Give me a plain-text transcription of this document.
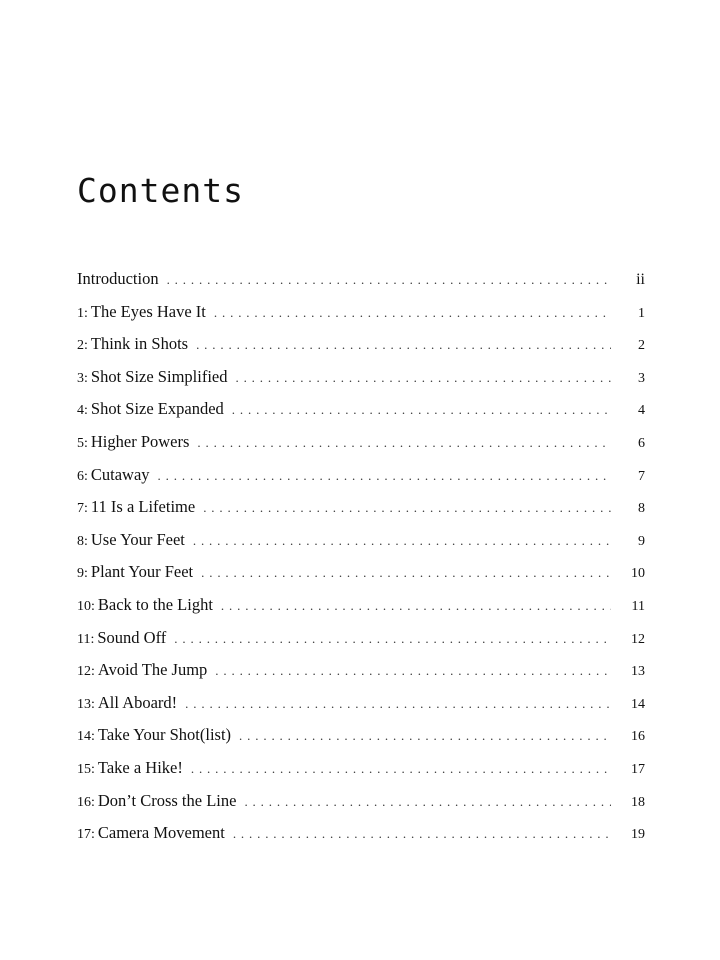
Contents
Introduction . . .	ii
1: The Eyes Have It . . .	1
2: Think in Shots . . .	2
3: Shot Size Simplified . . .	3
4: Shot Size Expanded . . .	4
5: Higher Powers . . .	6
6: Cutaway . . .	7
7: 11 Is a Lifetime . . .	8
8: Use Your Feet . . .	9
9: Plant Your Feet . . .	10
10: Back to the Light . . .	11
11: Sound Off . . .	12
12: Avoid The Jump . . .	13
13: All Aboard! . . .	14
14: Take Your Shot(list) . . .	16
15: Take a Hike! . . .	17
16: Don’t Cross the Line . . .	18
17: Camera Movement . . .	19
